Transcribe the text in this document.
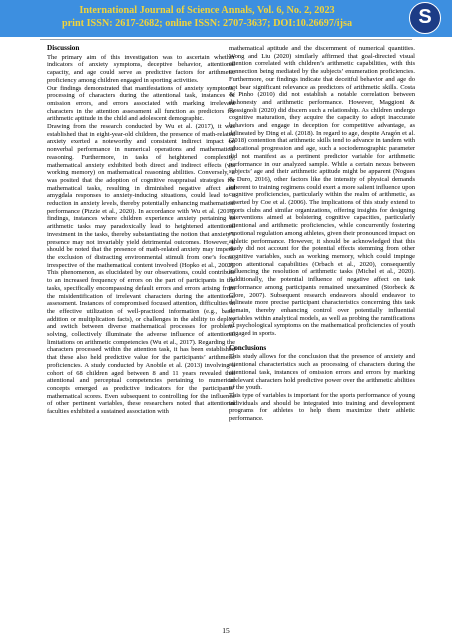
International Journal of Science Annals, Vol. 6, No. 2, 2023
print ISSN: 2617-2682; online ISSN: 2707-3637; DOI:10.26697/ijsa	S
Discussion

The primary aim of this investigation was to ascertain whether indicators of anxiety symptoms, deceptive behavior, attentional capacity, and age could serve as predictive factors for arithmetic proficiency among children engaged in sporting activities.

Our findings demonstrated that manifestations of anxiety symptoms, processing of characters during the attentional task, instances of omission errors, and errors associated with marking irrelevant characters in the attention assessment all function as predictors for arithmetic aptitude in the child and adolescent demographic.

Drawing from the research conducted by Wu et al. (2017), it was established that in eight-year-old children, the presence of math-related anxiety exerted a noteworthy and consistent indirect impact on nonverbal performance in numerical operations and mathematical reasoning. Furthermore, in tasks of heightened complexity, mathematical anxiety exhibited both direct and indirect effects (via working memory) on mathematical reasoning abilities. Conversely, it was posited that the adoption of cognitive reappraisal strategies for mathematical tasks, resulting in diminished negative affect and amygdala responses to anxiety-inducing situations, could lead to a reduction in anxiety levels, thereby potentially enhancing mathematical performance (Pizzie et al., 2020). In accordance with Wu et al. (2017) findings, instances where children experience anxiety pertaining to arithmetic tasks may paradoxically lead to heightened attentional investment in the tasks, thereby substantiating the notion that anxiety’s presence may not invariably yield detrimental outcomes. However, it should be noted that the presence of math-related anxiety may impede the exclusion of distracting environmental stimuli from one’s focus, irrespective of the mathematical content involved (Hopko et al., 2002). This phenomenon, as elucidated by our observations, could contribute to an increased frequency of errors on the part of participants in the tasks, specifically encompassing default errors and errors arising from the misidentification of irrelevant characters during the attentional assessment. Instances of compromised focused attention, difficulties in the effective utilization of well-practiced information (e.g., basic addition or multiplication facts), or challenges in the ability to deploy and switch between diverse mathematical processes for problem-solving, collectively illuminate the adverse influence of attentional limitations on arithmetic competencies (Wu et al., 2017). Regarding the characters processed within the attention task, it has been established that these also held predictive value for the participants’ arithmetic proficiencies. A study conducted by Anobile et al. (2013) involving a cohort of 68 children aged between 8 and 11 years revealed that attentional and perceptual competencies pertaining to numerical concepts emerged as predictive indicators for the participants’ mathematical scores. Even subsequent to controlling for the influence of other pertinent variables, these researchers noted that attentional faculties exhibited a sustained association with

mathematical aptitude and the discernment of numerical quantities. Wong and Liu (2020) similarly affirmed that goal-directed visual attention correlated with children’s arithmetic capabilities, with this connection being mediated by the subjects’ enumeration proficiencies. Furthermore, our findings indicate that deceitful behavior and age do not bear significant relevance as predictors of arithmetic skills. Costa & Pinho (2010) did not establish a notable correlation between dishonesty and arithmetic performance. However, Maggioni & Rossignoli (2020) did discern such a relationship. As children undergo cognitive maturation, they acquire the capacity to adopt inaccurate behaviors and engage in deception for competitive advantage, as delineated by Ding et al. (2018). In regard to age, despite Aragón et al. (2018) contention that arithmetic skills tend to advance in tandem with educational progression and age, such a sociodemographic parameter did not manifest as a pertinent predictor variable for arithmetic performance in our analyzed sample. While a certain nexus between subjects’ age and their arithmetic aptitude might be apparent (Nogues & Duro, 2016), other factors like the intensity of physical demands inherent to training regimens could exert a more salient influence upon cognitive proficiencies, particularly within the realm of arithmetic, as asserted by Coe et al. (2006). The implications of this study extend to sports clubs and similar organizations, offering insights for designing interventions aimed at bolstering cognitive capacities, particularly attentional and arithmetic proficiencies, while concurrently fostering emotional regulation among athletes, given their pronounced impact on athletic performance. However, it should be acknowledged that this study did not account for the potential effects stemming from other cognitive variables, such as working memory, which could impinge upon attentional capabilities (Orbach et al., 2020), consequently influencing the resolution of arithmetic tasks (Michel et al., 2020). Additionally, the potential influence of negative affect on task performance among participants remained unexamined (Storbeck & Clore, 2007). Subsequent research endeavors should endeavor to delineate more precise participant characteristics concerning this task domain, thereby enhancing control over potentially influential variables within analytical models, as well as probing the ramifications of psychological symptoms on the mathematical proficiencies of youth engaged in sports.

Conclusions

This study allows for the conclusion that the presence of anxiety and attentional characteristics such as processing of characters during the attentional task, instances of omission errors and errors by marking irrelevant characters hold predictive power over the arithmetic abilities of the youth.

This type of variables is important for the sports performance of young individuals and should be integrated into training and development programs for athletes to help them maximize their athletic performance.

15
